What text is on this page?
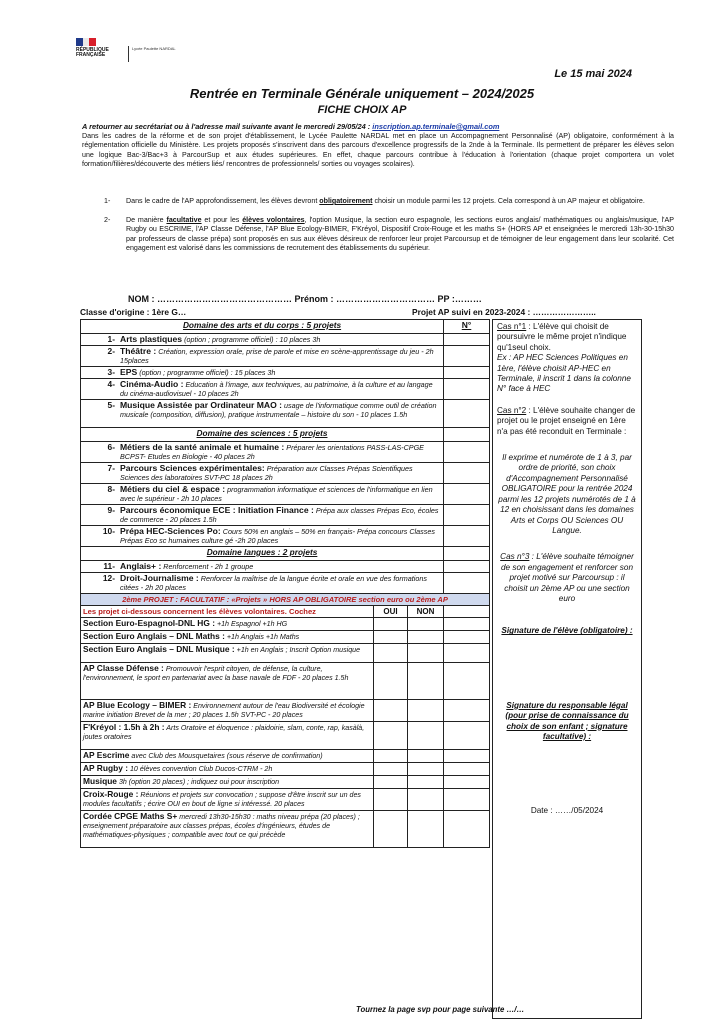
RÉPUBLIQUE FRANÇAISE
Lycée Paulette NARDAL
Le 15 mai 2024
Rentrée en Terminale Générale uniquement – 2024/2025
FICHE CHOIX AP
A retourner au secrétariat ou à l'adresse mail suivante avant le mercredi 29/05/24 : inscription.ap.terminale@gmail.com

Dans les cadres de la réforme et de son projet d'établissement, le Lycée Paulette NARDAL met en place un Accompagnement Personnalisé (AP) obligatoire, conformément à la réglementation officielle du Ministère. Les projets proposés s'inscrivent dans des parcours d'excellence progressifs de la 2nde à la Terminale. Ils permettent de préparer les élèves selon une logique Bac-3/Bac+3 à ParcourSup et aux études supérieures. En effet, chaque parcours contribue à l'éducation à l'orientation (chaque projet comportera un volet formation/filières/découverte des métiers liés/ rencontres de professionnels/ sorties ou voyages scolaires).

1-	Dans le cadre de l'AP approfondissement, les élèves devront obligatoirement choisir un module parmi les 12 projets. Cela correspond à un AP majeur et obligatoire.
2-	De manière facultative et pour les élèves volontaires, l'option Musique, la section euro espagnole, les sections euros anglais/ mathématiques ou anglais/musique, l'AP Rugby ou ESCRIME, l'AP Classe Défense, l'AP Blue Ecology-BIMER, F'Kréyol, Dispositif Croix-Rouge et les maths S+ (HORS AP et enseignées le mercredi 13h-30-15h30 par professeurs de classe prépa) sont proposés en sus aux élèves désireux de renforcer leur projet Parcoursup et de témoigner de leur engagement dans leur scolarité. Cet engagement est valorisé dans les commissions de recrutement des établissements du supérieur.
NOM : ……………………………………… Prénom : …………………………… PP :………
Classe d'origine : 1ère G…	Projet AP suivi en 2023-2024 : …………………..
Domaine des arts et du corps : 5 projets			N°

1- Arts plastiques (option ; programme officiel) : 10 places 3h			

2- Théâtre : Création, expression orale, prise de parole et mise en scène-apprentissage du jeu - 2h 15places			

3- EPS (option ; programme officiel) : 15 places 3h			

4- Cinéma-Audio : Education à l'image, aux techniques, au patrimoine, à la culture et au langage du cinéma-audiovisuel - 10 places 2h			

5- Musique Assistée par Ordinateur MAO : usage de l'informatique comme outil de création musicale (composition, diffusion), pratique instrumentale – histoire du son - 10 places 1.5h			

Domaine des sciences : 5 projets			

6- Métiers de la santé animale et humaine : Préparer les orientations PASS-LAS-CPGE BCPST- Etudes en Biologie - 40 places 2h			

7- Parcours Sciences expérimentales: Préparation aux Classes Prépas Scientifiques Sciences des laboratoires SVT-PC 18 places 2h			

8- Métiers du ciel & espace : programmation informatique et sciences de l'informatique en lien avec le supérieur - 2h 10 places			

9- Parcours économique ECE : Initiation Finance : Prépa aux classes Prépas Eco, écoles de commerce - 20 places 1.5h			

10- Prépa HEC-Sciences Po: Cours 50% en anglais – 50% en français- Prépa concours Classes Prépas Eco sc humaines culture gé -2h 20 places			

Domaine langues : 2 projets			

11- Anglais+ : Renforcement - 2h 1 groupe			

12- Droit-Journalisme : Renforcer la maîtrise de la langue écrite et orale en vue des formations citées - 2h 20 places			

2ème PROJET : FACULTATIF : «Projets » HORS AP OBLIGATOIRE section euro ou 2ème AP			
Les projet ci-dessous concernent les élèves volontaires. Cochez	OUI	NON	
Section Euro-Espagnol-DNL HG : +1h Espagnol +1h HG			
Section Euro Anglais – DNL Maths : +1h Anglais +1h Maths			
Section Euro Anglais – DNL Musique : +1h en Anglais ; Inscrit Option musique			
AP Classe Défense : Promouvoir l'esprit citoyen, de défense, la culture, l'environnement, le sport en partenariat avec la base navale de FDF - 20 places 1.5h			
AP Blue Ecology – BIMER : Environnement autour de l'eau Biodiversité et écologie marine initiation Brevet de la mer ; 20 places 1.5h SVT-PC - 20 places			
F'Kréyol : 1.5h à 2h : Arts Oratoire et éloquence : plaidoirie, slam, conte, rap, kasàlà, joutes oratoires			
AP Escrime avec Club des Mousquetaires (sous réserve de confirmation)			
AP Rugby : 10 élèves convention Club Ducos-CTRM - 2h			
Musique 3h (option 20 places) ; indiquez oui pour inscription			
Croix-Rouge : Réunions et projets sur convocation ; suppose d'être inscrit sur un des modules facultatifs ; écrire OUI en bout de ligne si intéressé. 20 places			
Cordée CPGE Maths S+ mercredi 13h30-15h30 : maths niveau prépa (20 places) ; enseignement préparatoire aux classes prépas, écoles d'ingénieurs, études de mathématiques-physiques ; compatible avec tout ce qui précède			

Cas n°1 : L'élève qui choisit de poursuivre le même projet n'indique qu'1seul choix.

Ex : AP HEC Sciences Politiques en 1ère, l'élève choisit AP-HEC en Terminale, il inscrit 1 dans la colonne N° face à HEC

Cas n°2 : L'élève souhaite changer de projet ou le projet enseigné en 1ère n'a pas été reconduit en Terminale :

Il exprime et numérote de 1 à 3, par ordre de priorité, son choix d'Accompagnement Personnalisé OBLIGATOIRE pour la rentrée 2024 parmi les 12 projets numérotés de 1 à 12 en choisissant dans les domaines Arts et Corps OU Sciences OU Langue.

Cas n°3 : L'élève souhaite témoigner de son engagement et renforcer son projet motivé sur Parcoursup : il choisit un 2ème AP ou une section euro

Signature de l'élève (obligatoire) :

Signature du responsable légal (pour prise de connaissance du choix de son enfant ; signature facultative) :

Date : ……/05/2024

Tournez la page svp pour page suivante …/…
